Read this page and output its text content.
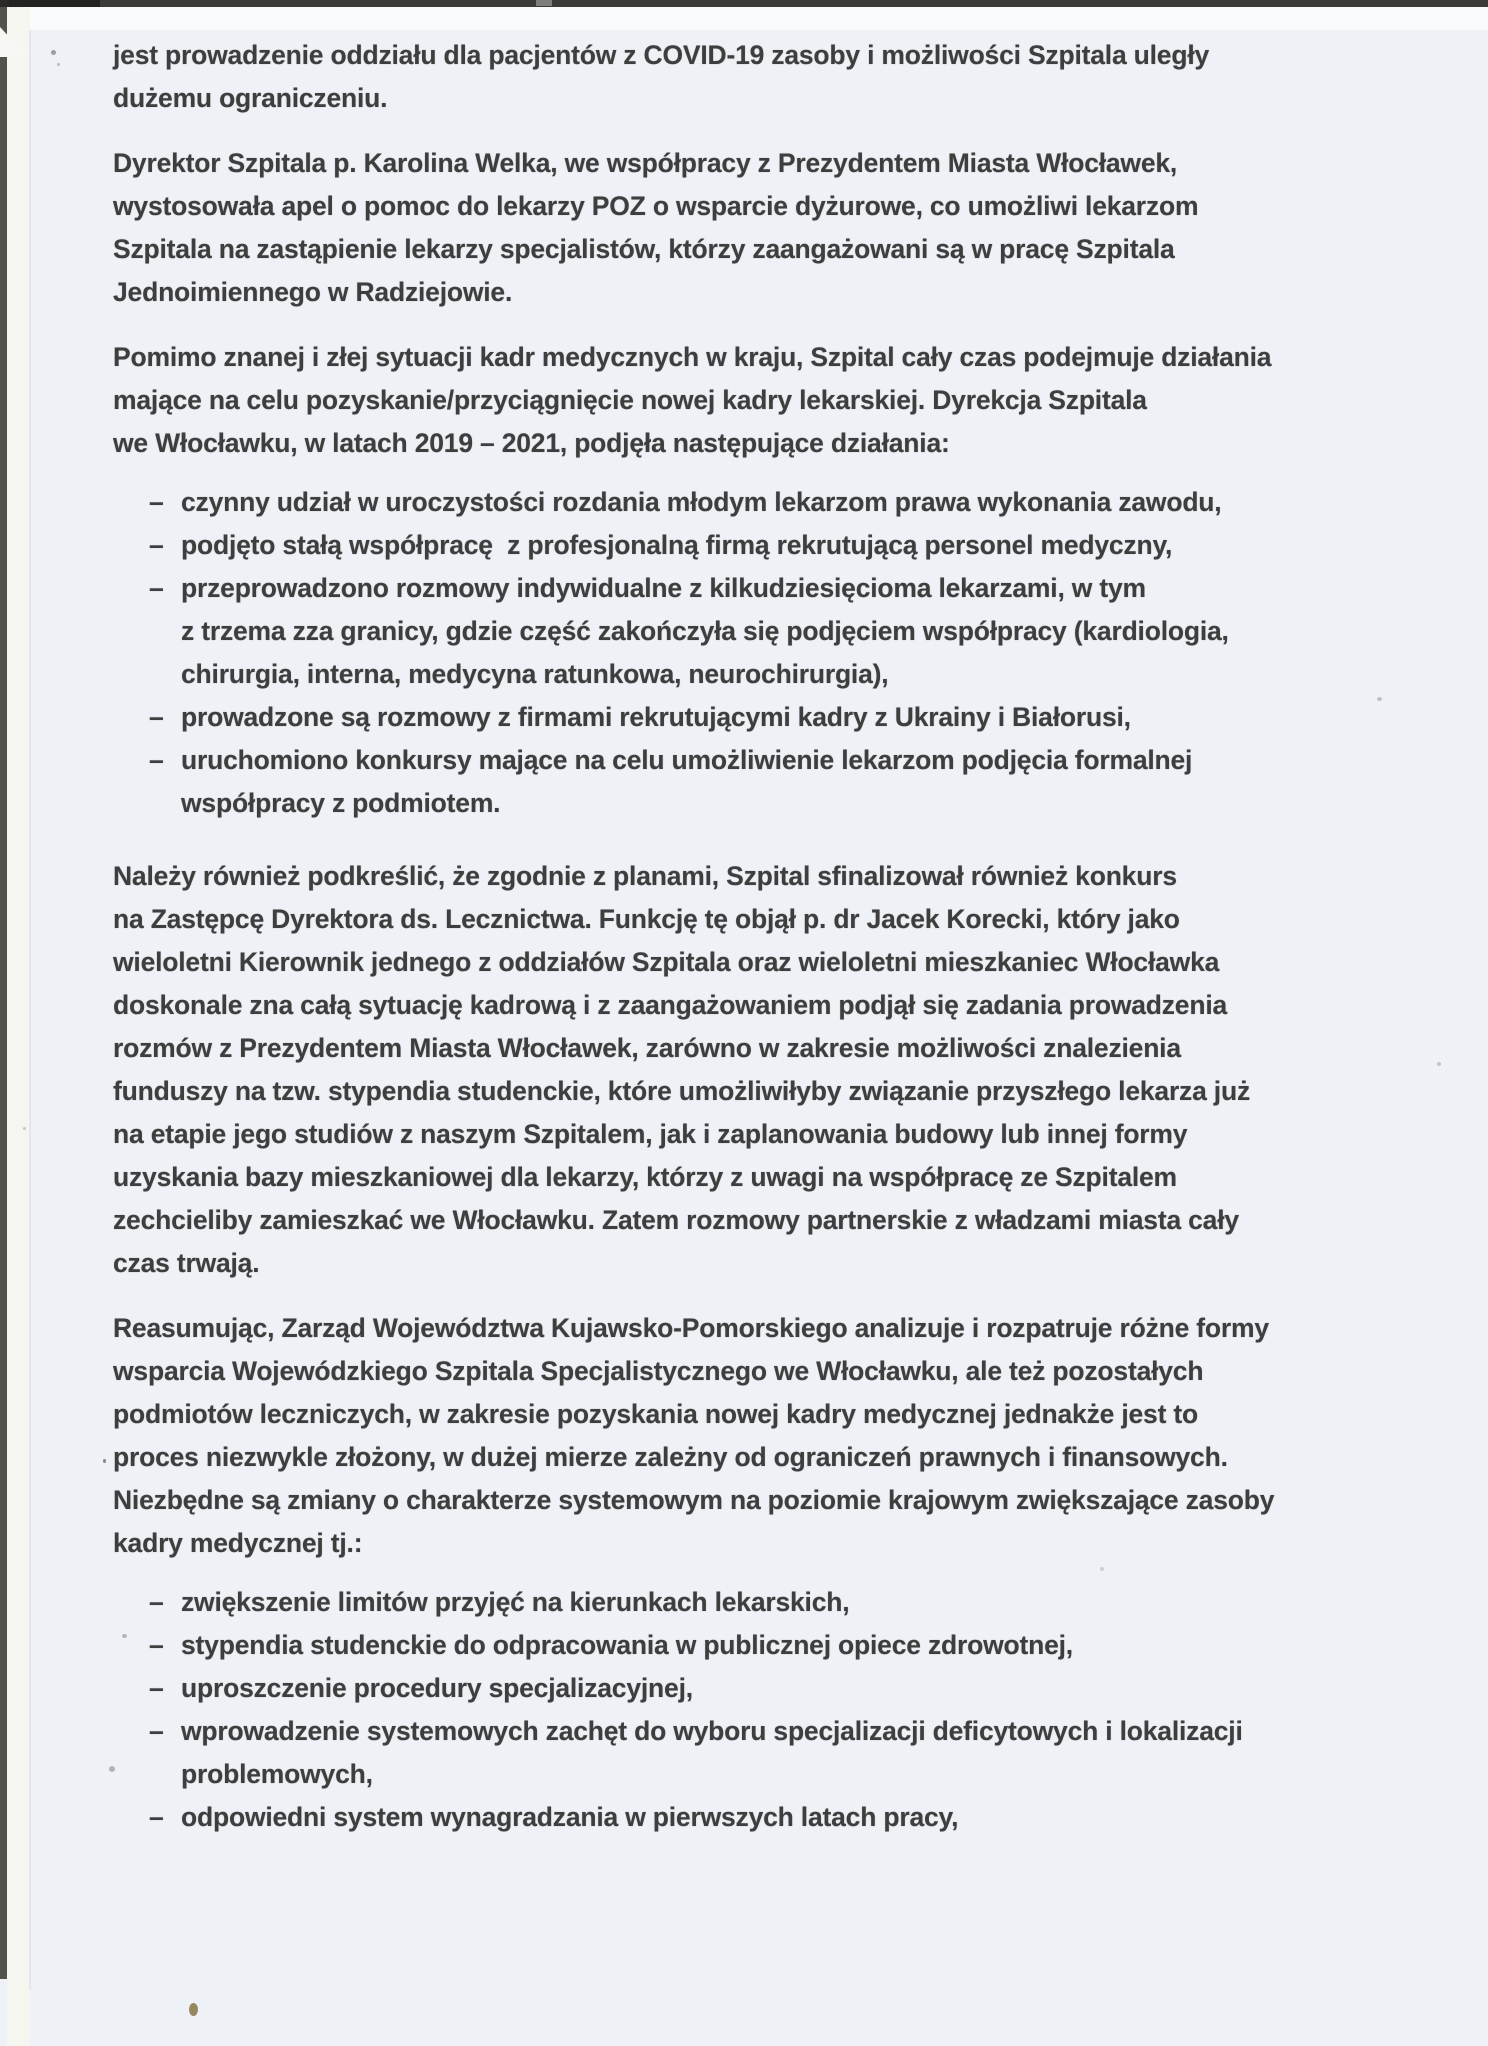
jest prowadzenie oddziału dla pacjentów z COVID-19 zasoby i możliwości Szpitala uległy
dużemu ograniczeniu.
Dyrektor Szpitala p. Karolina Welka, we współpracy z Prezydentem Miasta Włocławek,
wystosowała apel o pomoc do lekarzy POZ o wsparcie dyżurowe, co umożliwi lekarzom
Szpitala na zastąpienie lekarzy specjalistów, którzy zaangażowani są w pracę Szpitala
Jednoimiennego w Radziejowie.
Pomimo znanej i złej sytuacji kadr medycznych w kraju, Szpital cały czas podejmuje działania
mające na celu pozyskanie/przyciągnięcie nowej kadry lekarskiej. Dyrekcja Szpitala
we Włocławku, w latach 2019 – 2021, podjęła następujące działania:
– czynny udział w uroczystości rozdania młodym lekarzom prawa wykonania zawodu,
– podjęto stałą współpracę  z profesjonalną firmą rekrutującą personel medyczny,
– przeprowadzono rozmowy indywidualne z kilkudziesięcioma lekarzami, w tym
z trzema zza granicy, gdzie część zakończyła się podjęciem współpracy (kardiologia,
chirurgia, interna, medycyna ratunkowa, neurochirurgia),
– prowadzone są rozmowy z firmami rekrutującymi kadry z Ukrainy i Białorusi,
– uruchomiono konkursy mające na celu umożliwienie lekarzom podjęcia formalnej
współpracy z podmiotem.
Należy również podkreślić, że zgodnie z planami, Szpital sfinalizował również konkurs
na Zastępcę Dyrektora ds. Lecznictwa. Funkcję tę objął p. dr Jacek Korecki, który jako
wieloletni Kierownik jednego z oddziałów Szpitala oraz wieloletni mieszkaniec Włocławka
doskonale zna całą sytuację kadrową i z zaangażowaniem podjął się zadania prowadzenia
rozmów z Prezydentem Miasta Włocławek, zarówno w zakresie możliwości znalezienia
funduszy na tzw. stypendia studenckie, które umożliwiłyby związanie przyszłego lekarza już
na etapie jego studiów z naszym Szpitalem, jak i zaplanowania budowy lub innej formy
uzyskania bazy mieszkaniowej dla lekarzy, którzy z uwagi na współpracę ze Szpitalem
zechcieliby zamieszkać we Włocławku. Zatem rozmowy partnerskie z władzami miasta cały
czas trwają.
Reasumując, Zarząd Województwa Kujawsko-Pomorskiego analizuje i rozpatruje różne formy
wsparcia Wojewódzkiego Szpitala Specjalistycznego we Włocławku, ale też pozostałych
podmiotów leczniczych, w zakresie pozyskania nowej kadry medycznej jednakże jest to
proces niezwykle złożony, w dużej mierze zależny od ograniczeń prawnych i finansowych.
Niezbędne są zmiany o charakterze systemowym na poziomie krajowym zwiększające zasoby
kadry medycznej tj.:
– zwiększenie limitów przyjęć na kierunkach lekarskich,
– stypendia studenckie do odpracowania w publicznej opiece zdrowotnej,
– uproszczenie procedury specjalizacyjnej,
– wprowadzenie systemowych zachęt do wyboru specjalizacji deficytowych i lokalizacji
problemowych,
– odpowiedni system wynagradzania w pierwszych latach pracy,
